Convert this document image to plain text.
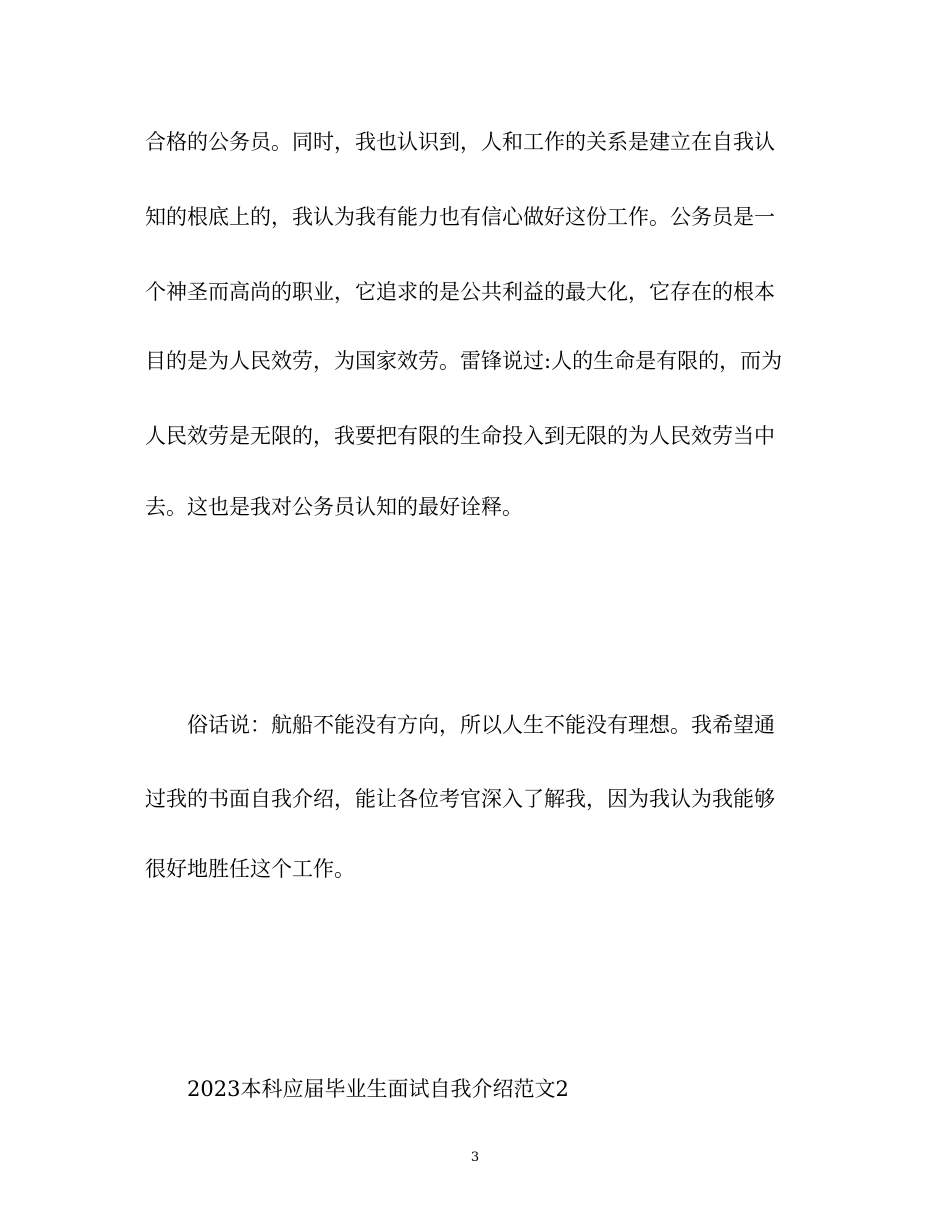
合格的公务员。同时，我也认识到，人和工作的关系是建立在自我认
知的根底上的，我认为我有能力也有信心做好这份工作。公务员是一
个神圣而高尚的职业，它追求的是公共利益的最大化，它存在的根本
目的是为人民效劳，为国家效劳。雷锋说过:人的生命是有限的，而为
人民效劳是无限的，我要把有限的生命投入到无限的为人民效劳当中
去。这也是我对公务员认知的最好诠释。
俗话说：航船不能没有方向，所以人生不能没有理想。我希望通
过我的书面自我介绍，能让各位考官深入了解我，因为我认为我能够
很好地胜任这个工作。
2023本科应届毕业生面试自我介绍范文2
3
